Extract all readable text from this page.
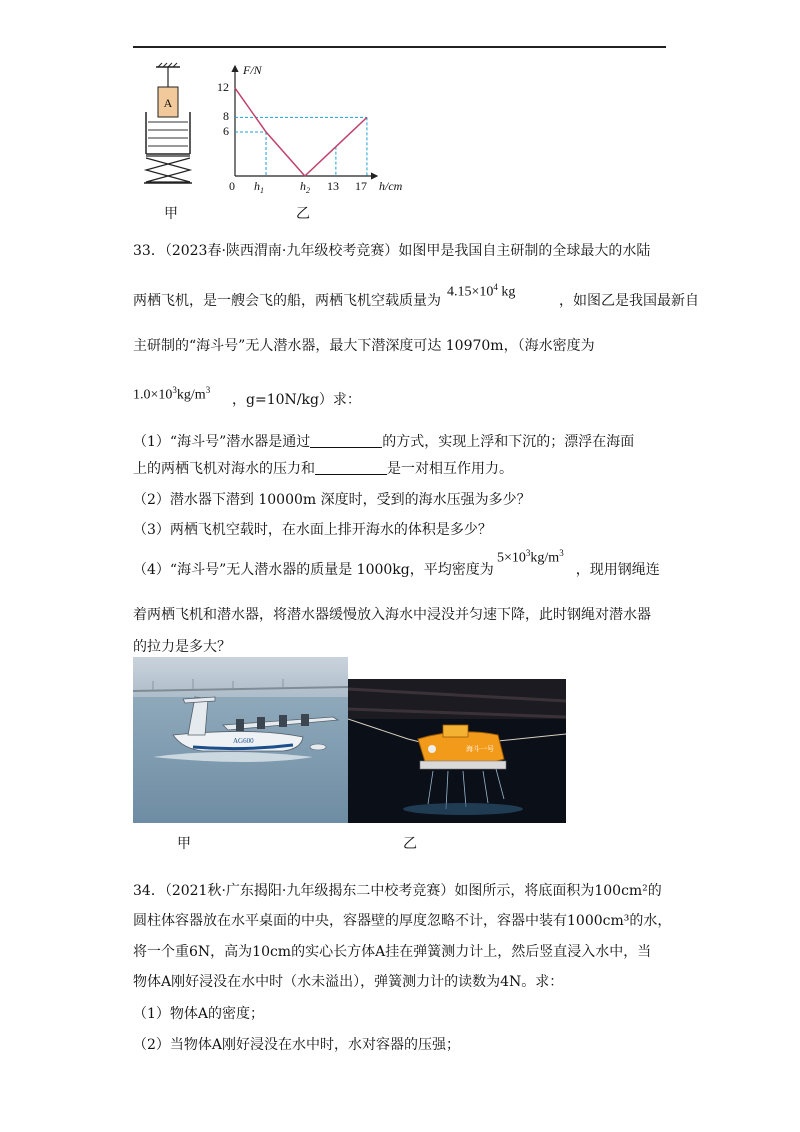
A
甲
F/N
h/cm
0
12
8
6
$h_1$	$h_2$ 13 17
乙
33．（2023春·陕西渭南·九年级校考竞赛）如图甲是我国自主研制的全球最大的水陆
两栖飞机，是一艘会飞的船，两栖飞机空载质量为	，如图乙是我国最新自
$4.15\times 10^4$ kg
主研制的“海斗号”无人潜水器，最大下潜深度可达 10970m，（海水密度为
$1.0\times 10^3kg/m^3$
，g=10N/kg）求：
（1）“海斗号”潜水器是通过	的方式，实现上浮和下沉的；漂浮在海面
上的两栖飞机对海水的压力和	是一对相互作用力。
（2）潜水器下潜到 10000m 深度时，受到的海水压强为多少？
（3）两栖飞机空载时，在水面上排开海水的体积是多少？
（4）“海斗号”无人潜水器的质量是 1000kg，平均密度为	，现用钢绳连
$5\times 10^3kg/m^3$
着两栖飞机和潜水器，将潜水器缓慢放入海水中浸没并匀速下降，此时钢绳对潜水器
的拉力是多大？
AG600
海斗一号
甲	乙
34．（2021秋·广东揭阳·九年级揭东二中校考竞赛）如图所示，将底面积为100cm²的
圆柱体容器放在水平桌面的中央，容器壁的厚度忽略不计，容器中装有1000cm³的水，
将一个重6N，高为10cm的实心长方体A挂在弹簧测力计上，然后竖直浸入水中，当
物体A刚好浸没在水中时（水未溢出），弹簧测力计的读数为4N。求：
（1）物体A的密度；
（2）当物体A刚好浸没在水中时，水对容器的压强；
